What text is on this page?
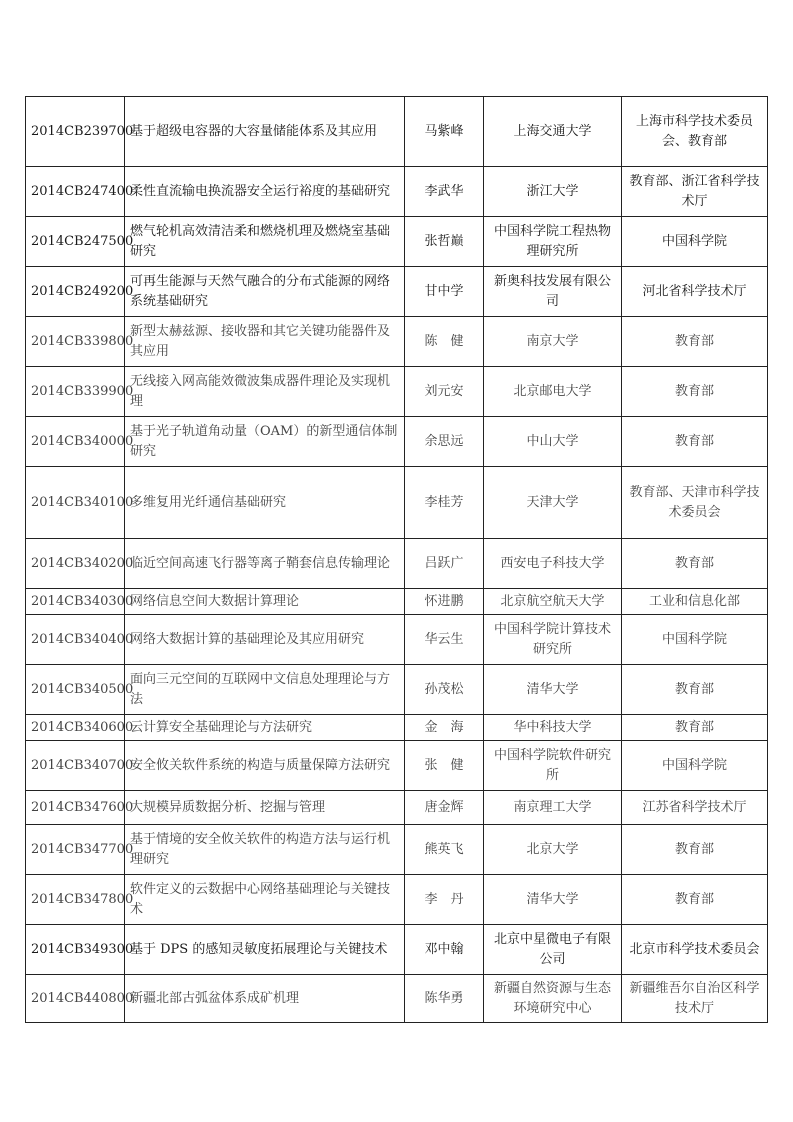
2014CB239700	基于超级电容器的大容量储能体系及其应用	马紫峰	上海交通大学	上海市科学技术委员会、教育部
2014CB247400	柔性直流输电换流器安全运行裕度的基础研究	李武华	浙江大学	教育部、浙江省科学技术厅
2014CB247500	燃气轮机高效清洁柔和燃烧机理及燃烧室基础研究	张哲巅	中国科学院工程热物理研究所	中国科学院
2014CB249200	可再生能源与天然气融合的分布式能源的网络系统基础研究	甘中学	新奥科技发展有限公司	河北省科学技术厅
2014CB339800	新型太赫兹源、接收器和其它关键功能器件及其应用	陈　健	南京大学	教育部
2014CB339900	无线接入网高能效微波集成器件理论及实现机理	刘元安	北京邮电大学	教育部
2014CB340000	基于光子轨道角动量（OAM）的新型通信体制研究	余思远	中山大学	教育部
2014CB340100	多维复用光纤通信基础研究	李桂芳	天津大学	教育部、天津市科学技术委员会
2014CB340200	临近空间高速飞行器等离子鞘套信息传输理论	吕跃广	西安电子科技大学	教育部
2014CB340300	网络信息空间大数据计算理论	怀进鹏	北京航空航天大学	工业和信息化部
2014CB340400	网络大数据计算的基础理论及其应用研究	华云生	中国科学院计算技术研究所	中国科学院
2014CB340500	面向三元空间的互联网中文信息处理理论与方法	孙茂松	清华大学	教育部
2014CB340600	云计算安全基础理论与方法研究	金　海	华中科技大学	教育部
2014CB340700	安全攸关软件系统的构造与质量保障方法研究	张　健	中国科学院软件研究所	中国科学院
2014CB347600	大规模异质数据分析、挖掘与管理	唐金辉	南京理工大学	江苏省科学技术厅
2014CB347700	基于情境的安全攸关软件的构造方法与运行机理研究	熊英飞	北京大学	教育部
2014CB347800	软件定义的云数据中心网络基础理论与关键技术	李　丹	清华大学	教育部
2014CB349300	基于 DPS 的感知灵敏度拓展理论与关键技术	邓中翰	北京中星微电子有限公司	北京市科学技术委员会
2014CB440800	新疆北部古弧盆体系成矿机理	陈华勇	新疆自然资源与生态环境研究中心	新疆维吾尔自治区科学技术厅
